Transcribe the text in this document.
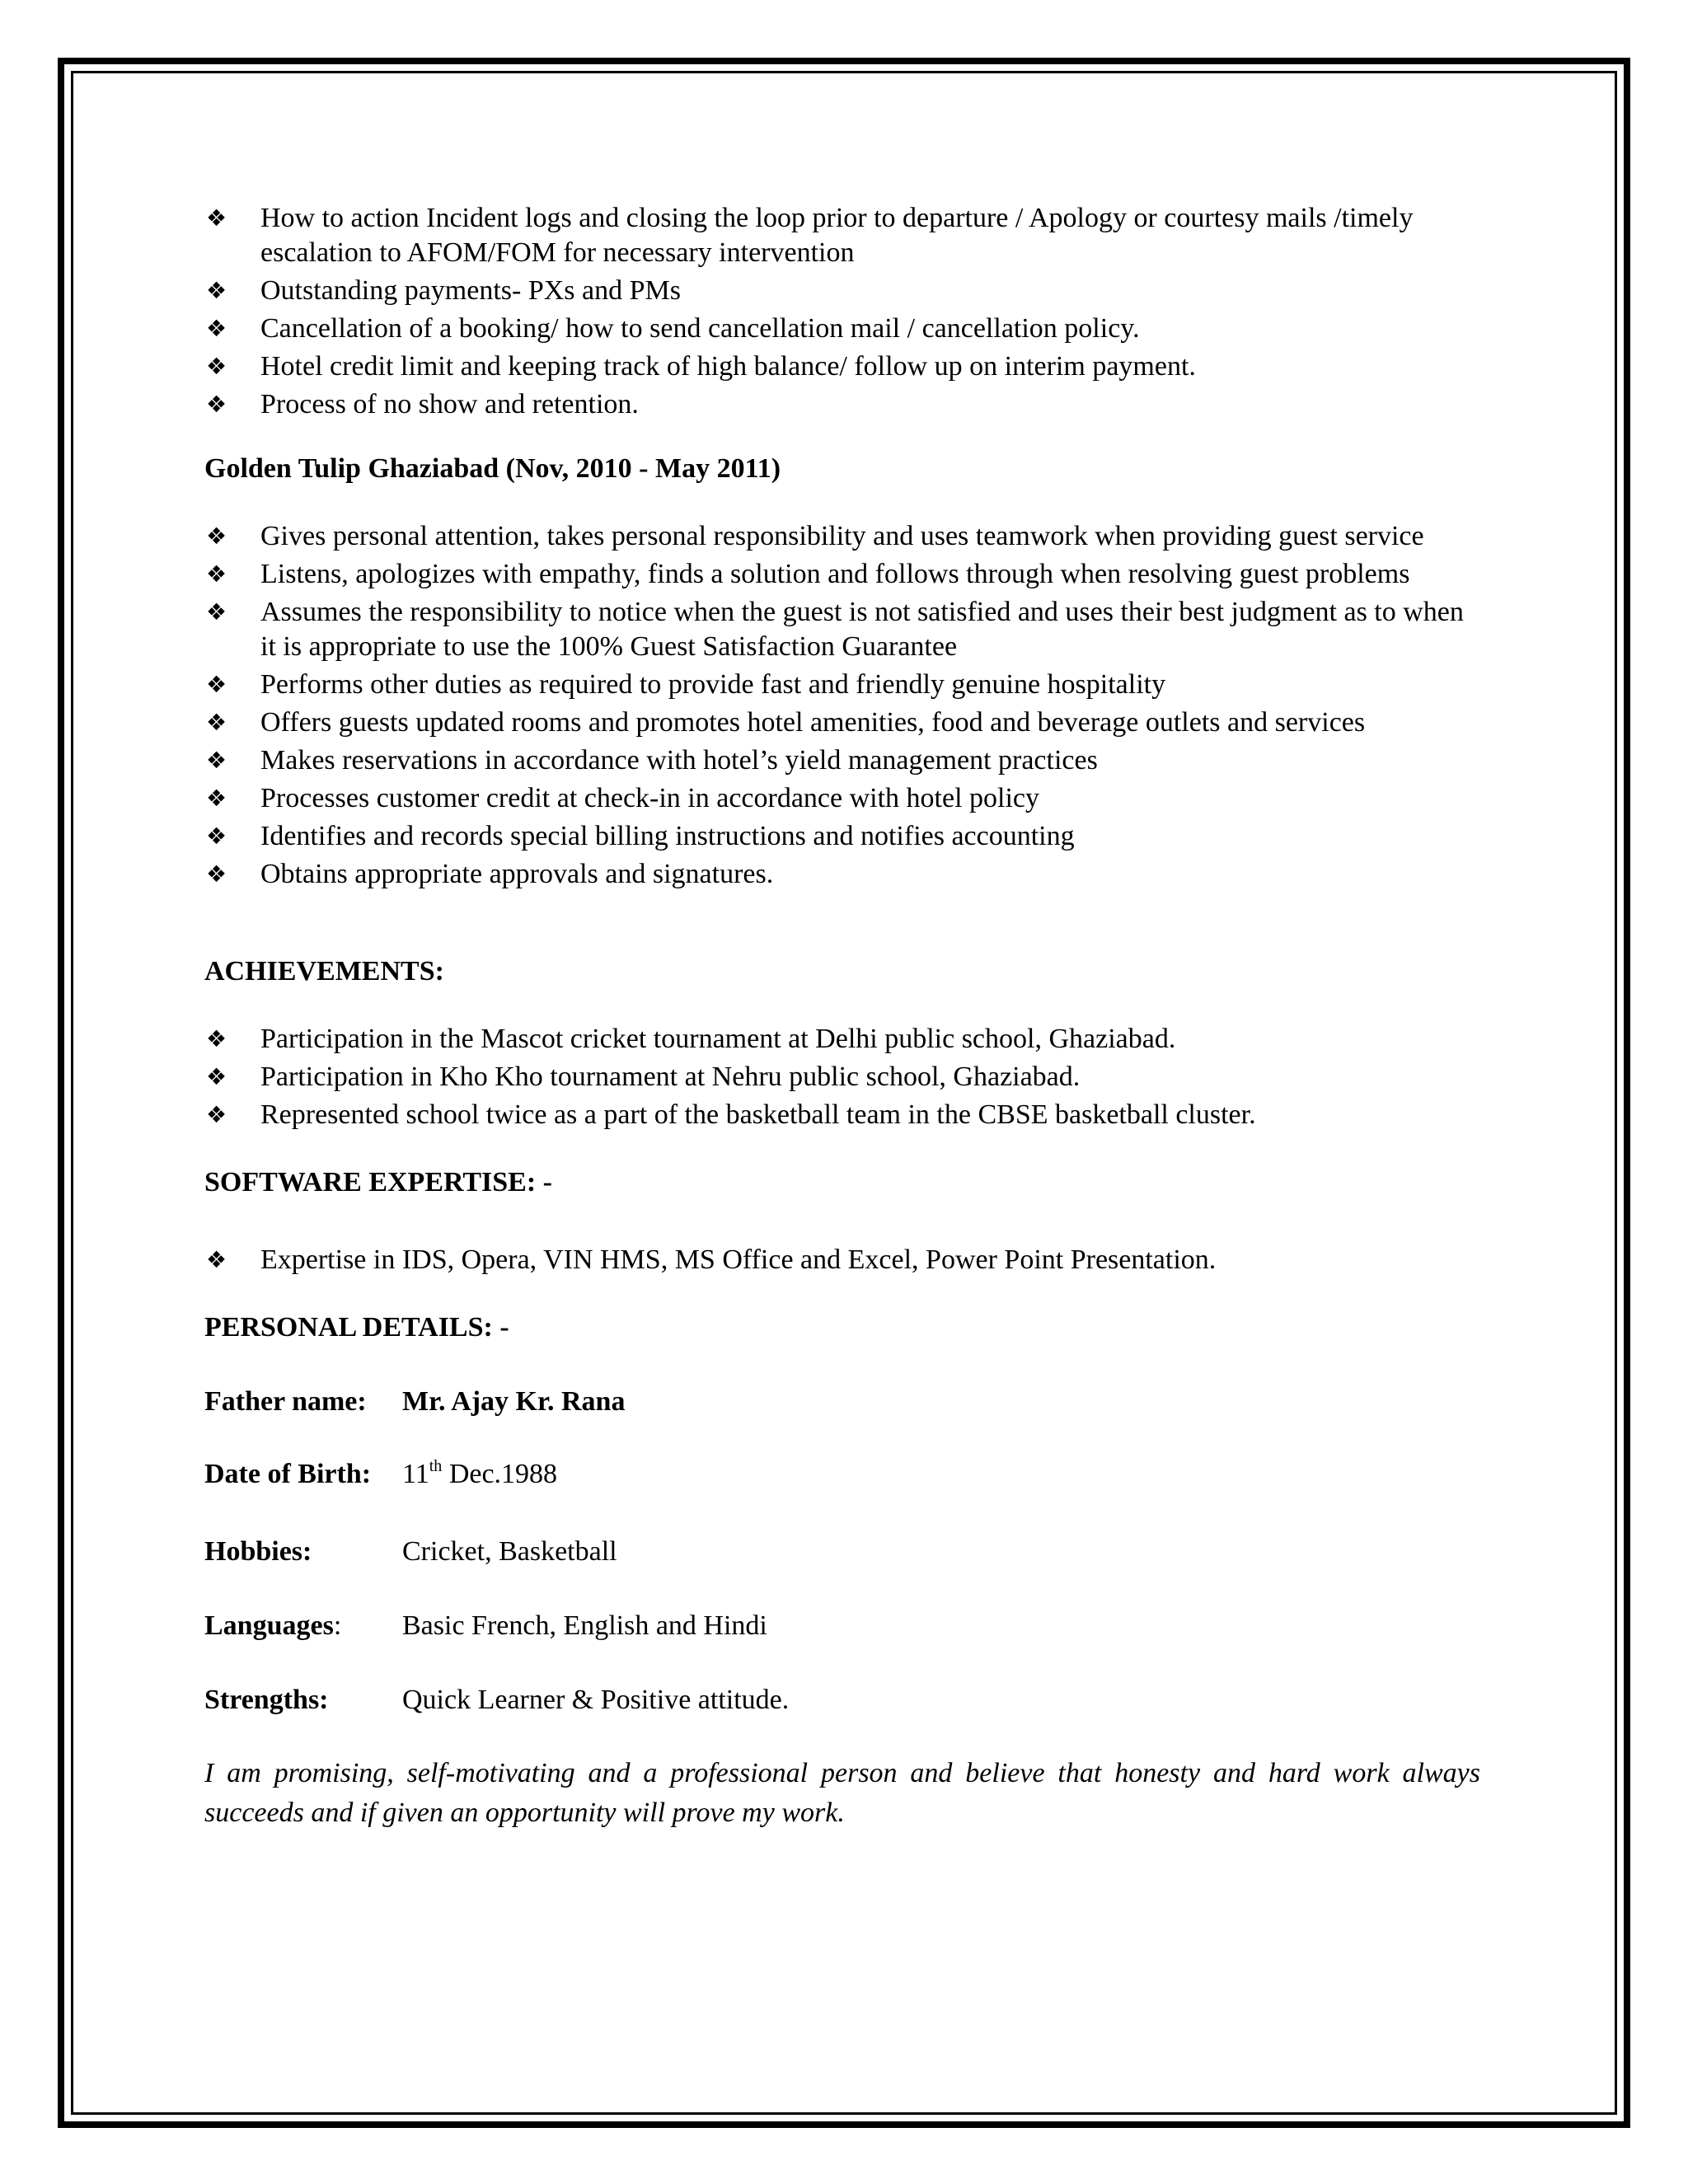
❖ How to action Incident logs and closing the loop prior to departure / Apology or courtesy mails /timely escalation to AFOM/FOM for necessary intervention
❖ Outstanding payments- PXs and PMs
❖ Cancellation of a booking/ how to send cancellation mail / cancellation policy.
❖ Hotel credit limit and keeping track of high balance/ follow up on interim payment.
❖ Process of no show and retention.
Golden Tulip Ghaziabad (Nov, 2010 - May 2011)
❖ Gives personal attention, takes personal responsibility and uses teamwork when providing guest service
❖ Listens, apologizes with empathy, finds a solution and follows through when resolving guest problems
❖ Assumes the responsibility to notice when the guest is not satisfied and uses their best judgment as to when it is appropriate to use the 100% Guest Satisfaction Guarantee
❖ Performs other duties as required to provide fast and friendly genuine hospitality
❖ Offers guests updated rooms and promotes hotel amenities, food and beverage outlets and services
❖ Makes reservations in accordance with hotel’s yield management practices
❖ Processes customer credit at check-in in accordance with hotel policy
❖ Identifies and records special billing instructions and notifies accounting
❖ Obtains appropriate approvals and signatures.
ACHIEVEMENTS:
❖ Participation in the Mascot cricket tournament at Delhi public school, Ghaziabad.
❖ Participation in Kho Kho tournament at Nehru public school, Ghaziabad.
❖ Represented school twice as a part of the basketball team in the CBSE basketball cluster.
SOFTWARE EXPERTISE: -
❖ Expertise in IDS, Opera, VIN HMS, MS Office and Excel, Power Point Presentation.
PERSONAL DETAILS: -
Father name:	Mr. Ajay Kr. Rana
Date of Birth:	11th Dec.1988
Hobbies:	Cricket, Basketball
Languages:	Basic French, English and Hindi
Strengths:	Quick Learner & Positive attitude.
I am promising, self-motivating and a professional person and believe that honesty and hard work always succeeds and if given an opportunity will prove my work.
